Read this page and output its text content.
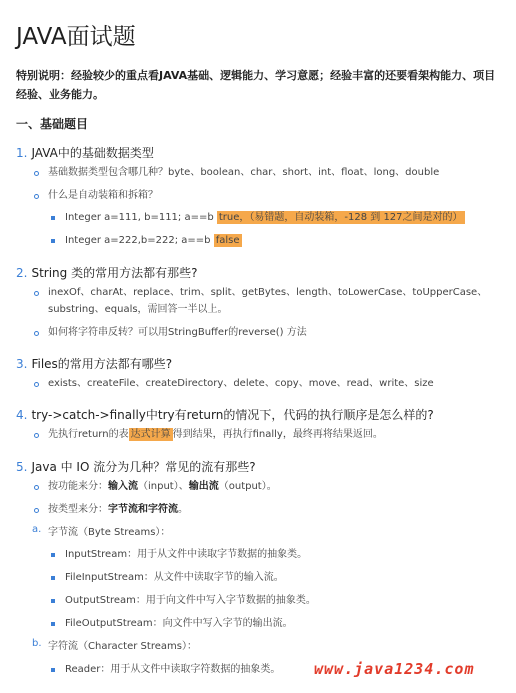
JAVA面试题
特别说明：经验较少的重点看JAVA基础、逻辑能力、学习意愿；经验丰富的还要看架构能力、项目经验、业务能力。
一、基础题目
1. JAVA中的基础数据类型
基础数据类型包含哪几种？byte、boolean、char、short、int、float、long、double
什么是自动装箱和拆箱？
Integer a=111, b=111; a==b true，（易错题，自动装箱，-128 到 127之间是对的）
Integer a=222,b=222; a==b false
2. String 类的常用方法都有那些?
inexOf、charAt、replace、trim、split、getBytes、length、toLowerCase、toUpperCase、substring、equals，需回答一半以上。
如何将字符串反转？可以用StringBuffer的reverse() 方法
3. Files的常用方法都有哪些?
exists、createFile、createDirectory、delete、copy、move、read、write、size
4. try->catch->finally中try有return的情况下，代码的执行顺序是怎么样的?
先执行return的表 达式计算 得到结果，再执行finally，最终再将结果返回。
5. Java 中 IO 流分为几种？常见的流有那些?
按功能来分：输入流（input）、输出流（output）。
按类型来分：字节流和字符流。
a. 字节流（Byte Streams）：
InputStream：用于从文件中读取字节数据的抽象类。
FileInputStream：从文件中读取字节的输入流。
OutputStream：用于向文件中写入字节数据的抽象类。
FileOutputStream：向文件中写入字节的输出流。
b. 字符流（Character Streams）：
Reader：用于从文件中读取字符数据的抽象类。 www.java1234.com
